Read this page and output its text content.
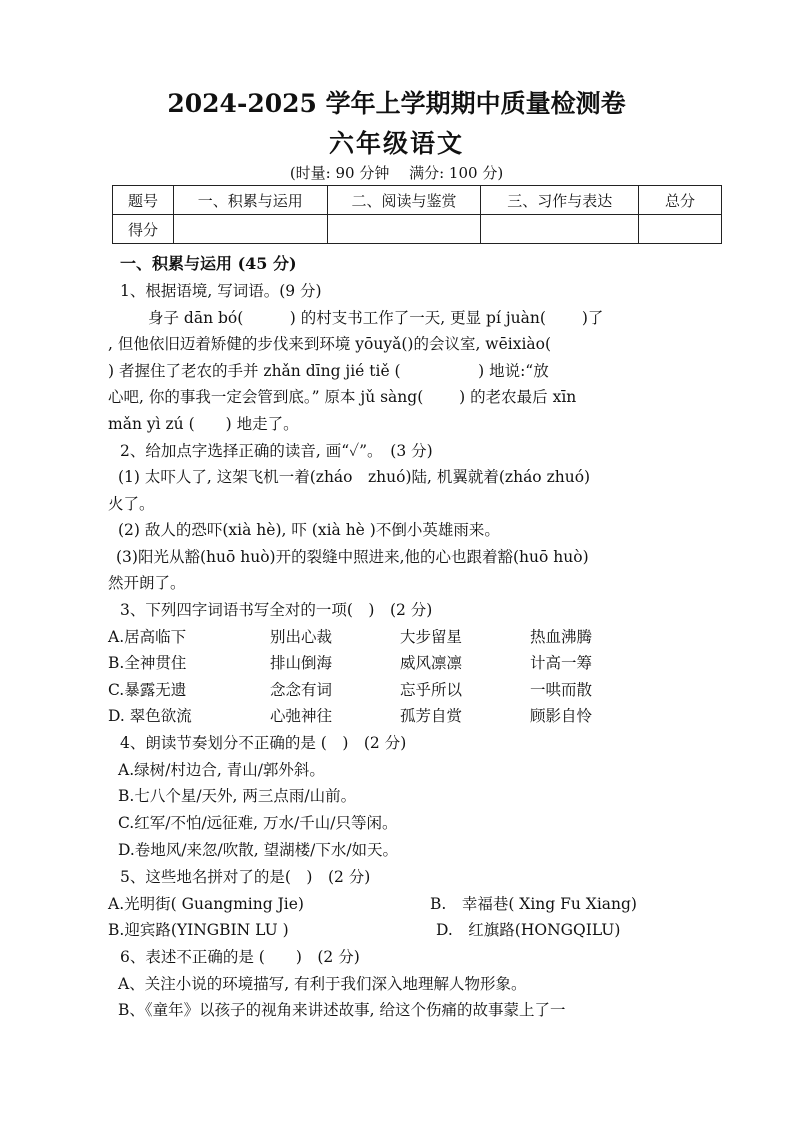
2024-2025 学年上学期期中质量检测卷
六年级语文
(时量: 90 分钟　 满分: 100 分)
题号	一、积累与运用	二、阅读与鉴赏	三、习作与表达	总分
得分				
一、积累与运用 (45 分)
1、根据语境, 写词语。(9 分)
身子 dān bó(　　　) 的村支书工作了一天, 更显 pí juàn(　　 )了
, 但他依旧迈着矫健的步伐来到环境 yōuyǎ()的会议室, wēixiào(
) 者握住了老农的手并 zhǎn dīng jié tiě (　　　　　) 地说:“放
心吧, 你的事我一定会管到底。” 原本 jǔ sàng(　　 ) 的老农最后 xīn
mǎn yì zú (　　) 地走了。
2、给加点字选择正确的读音, 画“✓”。　(3 分)
(1) 太吓人了, 这架飞机一着(zháo　zhuó)陆, 机翼就着(zháo zhuó)
火了。
(2) 敌人的恐吓(xià hè), 吓 (xià hè )不倒小英雄雨来。
(3)阳光从豁(huō huò)开的裂缝中照进来,他的心也跟着豁(huō huò)
然开朗了。
3、下列四字词语书写全对的一项(　)　(2 分)
A.居高临下	别出心裁	大步留星	热血沸腾
B.全神贯住	排山倒海	威风凛凛	计高一筹
C.暴露无遗	念念有词	忘乎所以	一哄而散
D. 翠色欲流	心弛神往	孤芳自赏	顾影自怜
4、朗读节奏划分不正确的是 (　)　(2 分)
A.绿树/村边合, 青山/郭外斜。
B.七八个星/天外, 两三点雨/山前。
C.红军/不怕/远征难, 万水/千山/只等闲。
D.卷地风/来忽/吹散, 望湖楼/下水/如天。
5、这些地名拼对了的是(　)　(2 分)
A.光明街( Guangming Jie)	B.　幸福巷( Xing Fu Xiang)
B.迎宾路(YINGBIN LU )	D.　红旗路(HONGQILU)
6、表述不正确的是 (　　)　(2 分)
A、关注小说的环境描写, 有利于我们深入地理解人物形象。
B、《童年》以孩子的视角来讲述故事, 给这个伤痛的故事蒙上了一
